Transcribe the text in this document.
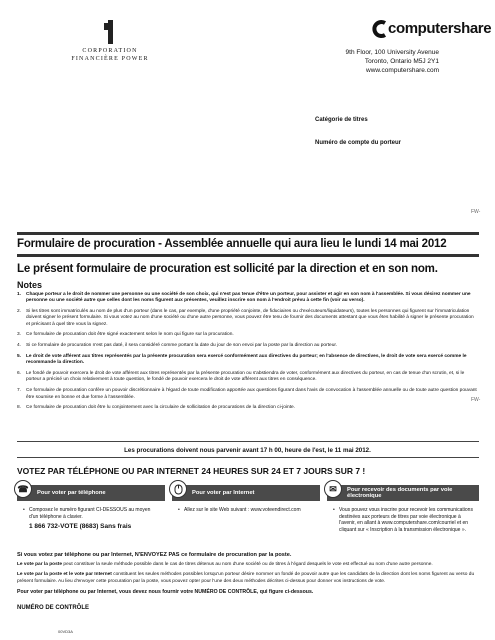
CORPORATION
FINANCIÈRE POWER
computershare
9th Floor, 100 University Avenue
Toronto, Ontario M5J 2Y1
www.computershare.com
Catégorie de titres
Numéro de compte du porteur
FW-
Formulaire de procuration - Assemblée annuelle qui aura lieu le lundi 14 mai 2012
Le présent formulaire de procuration est sollicité par la direction et en son nom.
Notes
1.	Chaque porteur a le droit de nommer une personne ou une société de son choix, qui n'est pas tenue d'être un porteur, pour assister et agir en son nom à l'assemblée. Si vous désirez nommer une personne ou une société autre que celles dont les noms figurent aux présentes, veuillez inscrire son nom à l'endroit prévu à cette fin (voir au verso).
2.	Si les titres sont immatriculés au nom de plus d'un porteur (dans le cas, par exemple, d'une propriété conjointe, de fiduciaires ou d'exécuteurs/liquidateurs), toutes les personnes qui figurent sur l'immatriculation doivent signer le présent formulaire. Si vous votez au nom d'une société ou d'une autre personne, vous pouvez être tenu de fournir des documents attestant que vous êtes habilité à signer le présente procuration et précisant à quel titre vous la signez.
3.	Ce formulaire de procuration doit être signé exactement selon le nom qui figure sur la procuration.
4.	Si ce formulaire de procuration n'est pas daté, il sera considéré comme portant la date du jour de son envoi par la poste par la direction au porteur.
5.	Le droit de vote afférent aux titres représentés par la présente procuration sera exercé conformément aux directives du porteur; en l'absence de directives, le droit de vote sera exercé comme le recommande la direction.
6.	Le fondé de pouvoir exercera le droit de vote afférent aux titres représentés par la présente procuration ou s'abstiendra de voter, conformément aux directives du porteur, en cas de tenue d'un scrutin, et, si le porteur a précisé un choix relativement à toute question, le fondé de pouvoir exercera le droit de vote afférent aux titres en conséquence.
7.	Ce formulaire de procuration confère un pouvoir discrétionnaire à l'égard de toute modification apportée aux questions figurant dans l'avis de convocation à l'assemblée annuelle ou de toute autre question pouvant être soumise en bonne et due forme à l'assemblée.
8.	Ce formulaire de procuration doit être lu conjointement avec la circulaire de sollicitation de procurations de la direction ci-jointe.
FW-
Les procurations doivent nous parvenir avant 17 h 00, heure de l'est, le 11 mai 2012.
VOTEZ PAR TÉLÉPHONE OU PAR INTERNET 24 HEURES SUR 24 ET 7 JOURS SUR 7 !
☎	Pour voter par téléphone
• Composez le numéro figurant CI-DESSOUS au moyen d'un téléphone à clavier.
1 866 732-VOTE (8683) Sans frais
Pour voter par Internet
• Allez sur le site Web suivant : www.voteendirect.com
✉	Pour recevoir des documents par voie électronique
• Vous pouvez vous inscrire pour recevoir les communications destinées aux porteurs de titres par voie électronique à l'avenir, en allant à www.computershare.com/courriel et en cliquant sur « Inscription à la transmission électronique ».

Si vous votez par téléphone ou par Internet, N'ENVOYEZ PAS ce formulaire de procuration par la poste.

Le vote par la poste peut constituer la seule méthode possible dans le cas de titres détenus au nom d'une société ou de titres à l'égard desquels le vote est effectué au nom d'une autre personne.

Le vote par la poste et le vote par Internet constituent les seules méthodes possibles lorsqu'un porteur désire nommer un fondé de pouvoir autre que les candidats de la direction dont les noms figurent au verso du présent formulaire. Au lieu d'envoyer cette procuration par la poste, vous pouvez opter pour l'une des deux méthodes décrites ci-dessus pour donner vos instructions de vote.

Pour voter par téléphone ou par Internet, vous devez nous fournir votre NUMÉRO DE CONTRÔLE, qui figure ci-dessous.

NUMÉRO DE CONTRÔLE
00VD3A
